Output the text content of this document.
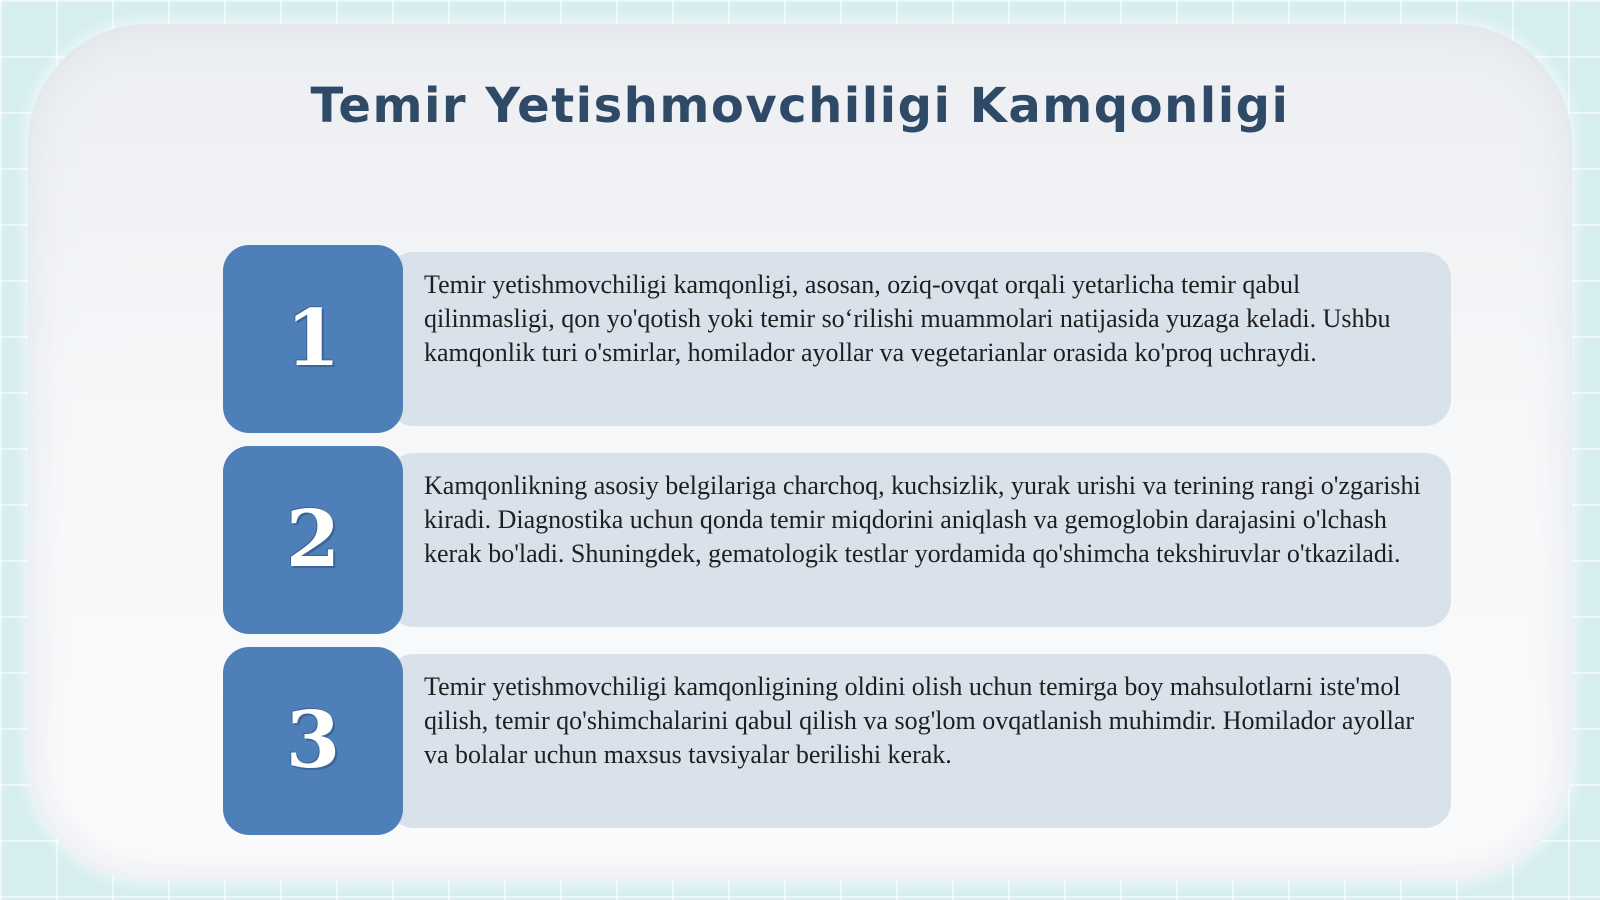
Temir Yetishmovchiligi Kamqonligi
1

Temir yetishmovchiligi kamqonligi, asosan, oziq-ovqat orqali yetarlicha temir qabul qilinmasligi, qon yo'qotish yoki temir so‘rilishi muammolari natijasida yuzaga keladi. Ushbu kamqonlik turi o'smirlar, homilador ayollar va vegetarianlar orasida ko'proq uchraydi.

2

Kamqonlikning asosiy belgilariga charchoq, kuchsizlik, yurak urishi va terining rangi o'zgarishi kiradi. Diagnostika uchun qonda temir miqdorini aniqlash va gemoglobin darajasini o'lchash kerak bo'ladi. Shuningdek, gematologik testlar yordamida qo'shimcha tekshiruvlar o'tkaziladi.

3

Temir yetishmovchiligi kamqonligining oldini olish uchun temirga boy mahsulotlarni iste'mol qilish, temir qo'shimchalarini qabul qilish va sog'lom ovqatlanish muhimdir. Homilador ayollar va bolalar uchun maxsus tavsiyalar berilishi kerak.
